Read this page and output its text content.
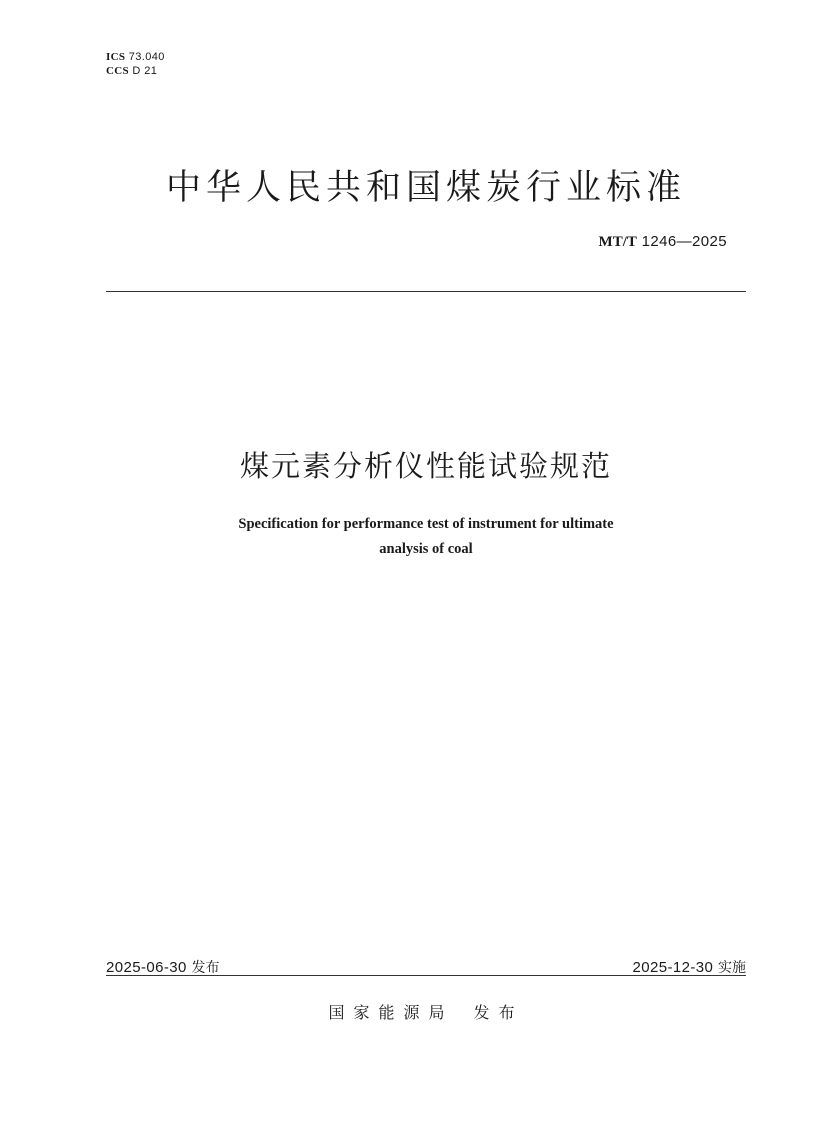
ICS 73.040
CCS D 21
中华人民共和国煤炭行业标准
MT/T 1246—2025
煤元素分析仪性能试验规范
Specification for performance test of instrument for ultimate
analysis of coal
2025-06-30 发布	2025-12-30 实施
国家能源局 发布
